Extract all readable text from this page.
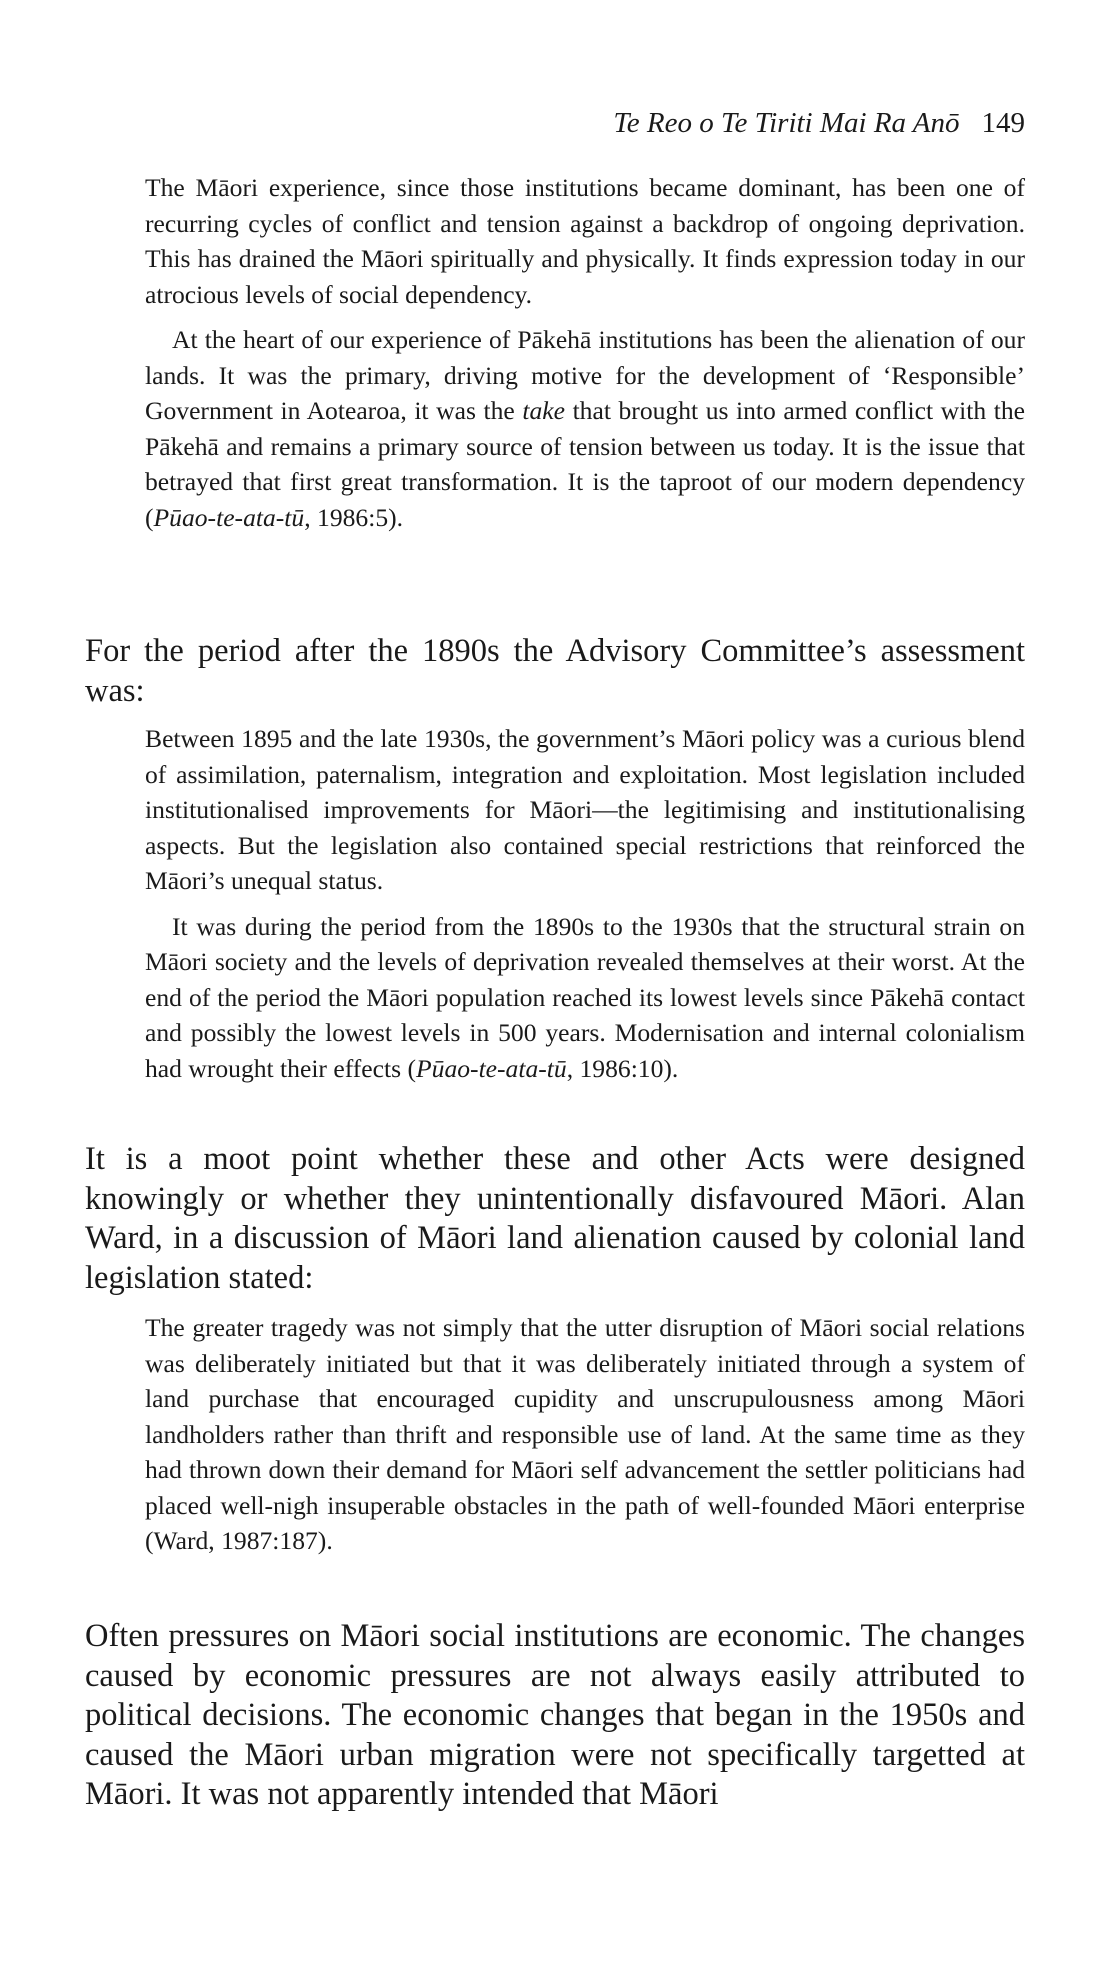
Te Reo o Te Tiriti Mai Ra Anō 149

The Māori experience, since those institutions became dominant, has been one of recurring cycles of conflict and tension against a backdrop of ongoing deprivation. This has drained the Māori spiritually and physically. It finds expression today in our atrocious levels of social dependency.

At the heart of our experience of Pākehā institutions has been the alienation of our lands. It was the primary, driving motive for the development of ‘Responsible’ Government in Aotearoa, it was the take that brought us into armed conflict with the Pākehā and remains a primary source of tension between us today. It is the issue that betrayed that first great transformation. It is the taproot of our modern dependency (Pūao-te-ata-tū, 1986:5).

For the period after the 1890s the Advisory Committee’s assessment was:

Between 1895 and the late 1930s, the government’s Māori policy was a curious blend of assimilation, paternalism, integration and exploitation. Most legislation included institutionalised improvements for Māori—the legitimising and institutionalising aspects. But the legislation also contained special restrictions that reinforced the Māori’s unequal status.

It was during the period from the 1890s to the 1930s that the structural strain on Māori society and the levels of deprivation revealed themselves at their worst. At the end of the period the Māori population reached its lowest levels since Pākehā contact and possibly the lowest levels in 500 years. Modernisation and internal colonialism had wrought their effects (Pūao-te-ata-tū, 1986:10).

It is a moot point whether these and other Acts were designed knowingly or whether they unintentionally disfavoured Māori. Alan Ward, in a discussion of Māori land alienation caused by colonial land legislation stated:

The greater tragedy was not simply that the utter disruption of Māori social relations was deliberately initiated but that it was deliberately initiated through a system of land purchase that encouraged cupidity and unscrupulousness among Māori landholders rather than thrift and responsible use of land. At the same time as they had thrown down their demand for Māori self advancement the settler politicians had placed well-nigh insuperable obstacles in the path of well-founded Māori enterprise (Ward, 1987:187).

Often pressures on Māori social institutions are economic. The changes caused by economic pressures are not always easily attributed to political decisions. The economic changes that began in the 1950s and caused the Māori urban migration were not specifically targetted at Māori. It was not apparently intended that Māori
